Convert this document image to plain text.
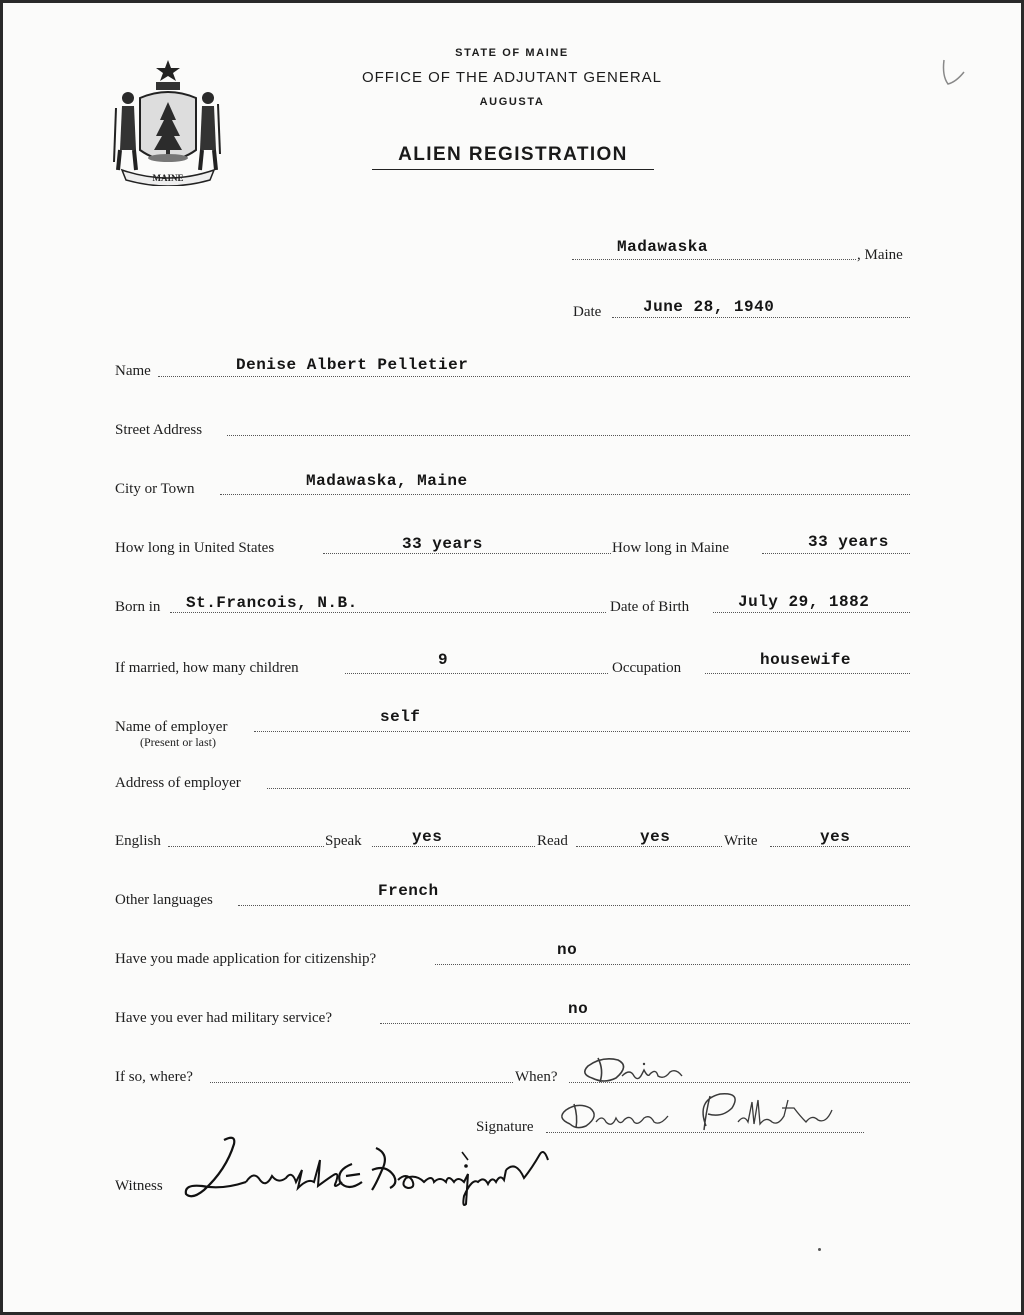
MAINE
STATE OF MAINE
OFFICE OF THE ADJUTANT GENERAL
AUGUSTA
ALIEN REGISTRATION
Madawaska	, Maine
Date	June 28, 1940
Name	Denise Albert Pelletier
Street Address
City or Town	Madawaska, Maine
How long in United States	33 years	How long in Maine	33 years
Born in St.Francois, N.B.	Date of Birth	July 29, 1882
If married, how many children	9	Occupation	housewife
Name of employer
(Present or last)
self
Address of employer
English	Speak	yes	Read	yes	Write	yes
Other languages	French
Have you made application for citizenship?	no
Have you ever had military service?	no
If so, where?	When?
Signature
Witness
